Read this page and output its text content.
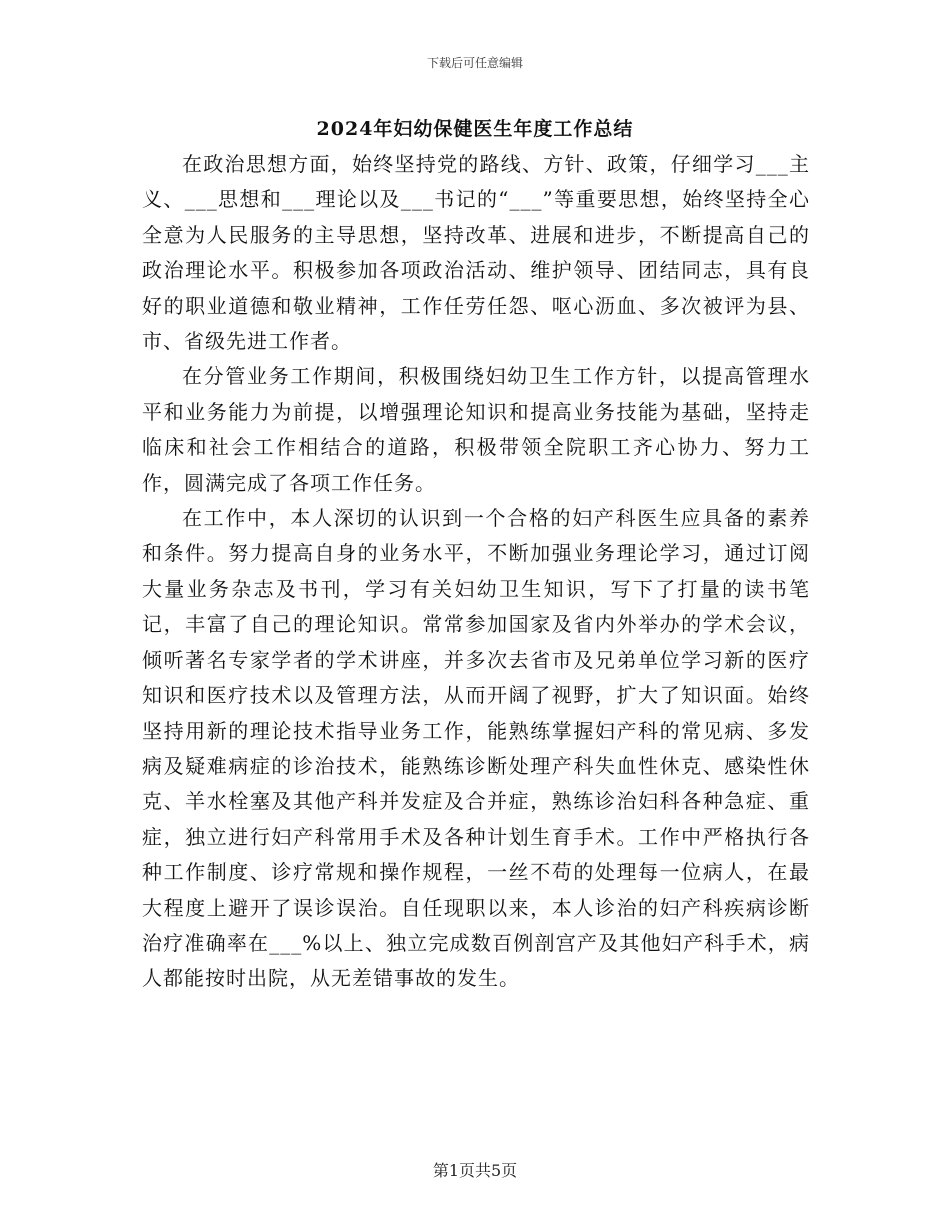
下载后可任意编辑
2024年妇幼保健医生年度工作总结

在政治思想方面，始终坚持党的路线、方针、政策，仔细学习___主义、___思想和___理论以及___书记的“___”等重要思想，始终坚持全心全意为人民服务的主导思想，坚持改革、进展和进步，不断提高自己的政治理论水平。积极参加各项政治活动、维护领导、团结同志，具有良好的职业道德和敬业精神，工作任劳任怨、呕心沥血、多次被评为县、市、省级先进工作者。

在分管业务工作期间，积极围绕妇幼卫生工作方针，以提高管理水平和业务能力为前提，以增强理论知识和提高业务技能为基础，坚持走临床和社会工作相结合的道路，积极带领全院职工齐心协力、努力工作，圆满完成了各项工作任务。

在工作中，本人深切的认识到一个合格的妇产科医生应具备的素养和条件。努力提高自身的业务水平，不断加强业务理论学习，通过订阅大量业务杂志及书刊，学习有关妇幼卫生知识，写下了打量的读书笔记，丰富了自己的理论知识。常常参加国家及省内外举办的学术会议，倾听著名专家学者的学术讲座，并多次去省市及兄弟单位学习新的医疗知识和医疗技术以及管理方法，从而开阔了视野，扩大了知识面。始终坚持用新的理论技术指导业务工作，能熟练掌握妇产科的常见病、多发病及疑难病症的诊治技术，能熟练诊断处理产科失血性休克、感染性休克、羊水栓塞及其他产科并发症及合并症，熟练诊治妇科各种急症、重症，独立进行妇产科常用手术及各种计划生育手术。工作中严格执行各种工作制度、诊疗常规和操作规程，一丝不苟的处理每一位病人，在最大程度上避开了误诊误治。自任现职以来，本人诊治的妇产科疾病诊断治疗准确率在___%以上、独立完成数百例剖宫产及其他妇产科手术，病人都能按时出院，从无差错事故的发生。

第1页共5页
